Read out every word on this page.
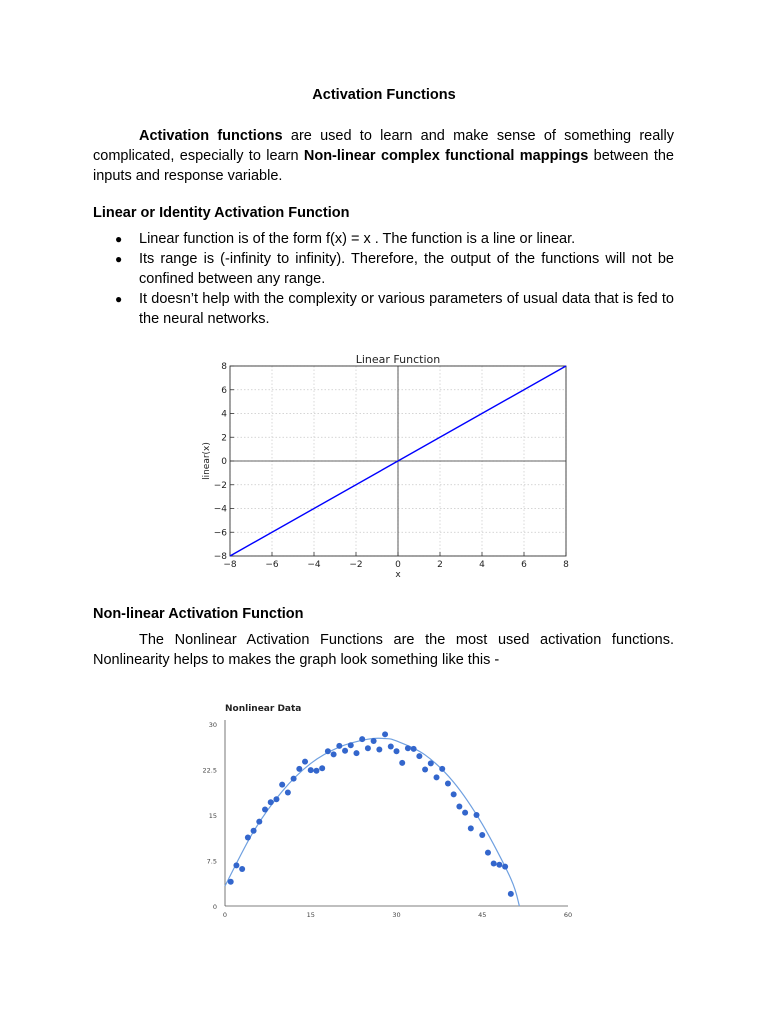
Activation Functions
Activation functions are used to learn and make sense of something really complicated, especially to learn Non-linear complex functional mappings between the inputs and response variable.
Linear or Identity Activation Function
● Linear function is of the form f(x) = x . The function is a line or linear.
● Its range is (-infinity to infinity). Therefore, the output of the functions will not be confined between any range.
● It doesn’t help with the complexity or various parameters of usual data that is fed to the neural networks.
Linear Function
−8	−6	−4	−2	0	2	4	6	8
−8
−6
−4
−2
0
2
4
6
8
x
linear(x)
Non-linear Activation Function
The Nonlinear Activation Functions are the most used activation functions. Nonlinearity helps to makes the graph look something like this -
Nonlinear Data
0
7.5
15
22.5
30
0	15	30	45	60
